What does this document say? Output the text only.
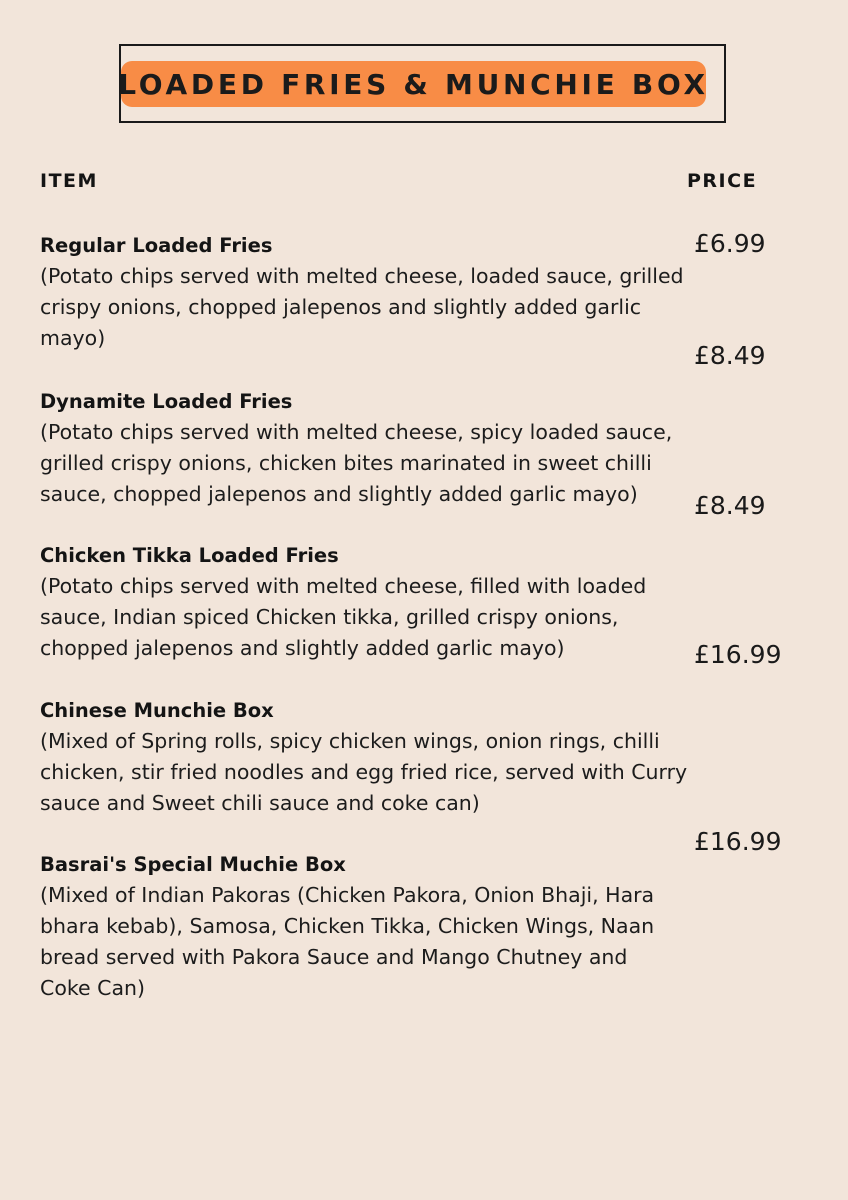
LOADED FRIES & MUNCHIE BOX
ITEM	PRICE
Regular Loaded Fries
(Potato chips served with melted cheese, loaded sauce, grilled
crispy onions, chopped jalepenos and slightly added garlic
mayo)
Dynamite Loaded Fries
(Potato chips served with melted cheese, spicy loaded sauce,
grilled crispy onions, chicken bites marinated in sweet chilli
sauce, chopped jalepenos and slightly added garlic mayo)
Chicken Tikka Loaded Fries
(Potato chips served with melted cheese, filled with loaded
sauce, Indian spiced Chicken tikka, grilled crispy onions,
chopped jalepenos and slightly added garlic mayo)
Chinese Munchie Box
(Mixed of Spring rolls, spicy chicken wings, onion rings, chilli
chicken, stir fried noodles and egg fried rice, served with Curry
sauce and Sweet chili sauce and coke can)
Basrai's Special Muchie Box
(Mixed of Indian Pakoras (Chicken Pakora, Onion Bhaji, Hara
bhara kebab), Samosa, Chicken Tikka, Chicken Wings, Naan
bread served with Pakora Sauce and Mango Chutney and
Coke Can)
£6.99
£8.49
£8.49
£16.99
£16.99
